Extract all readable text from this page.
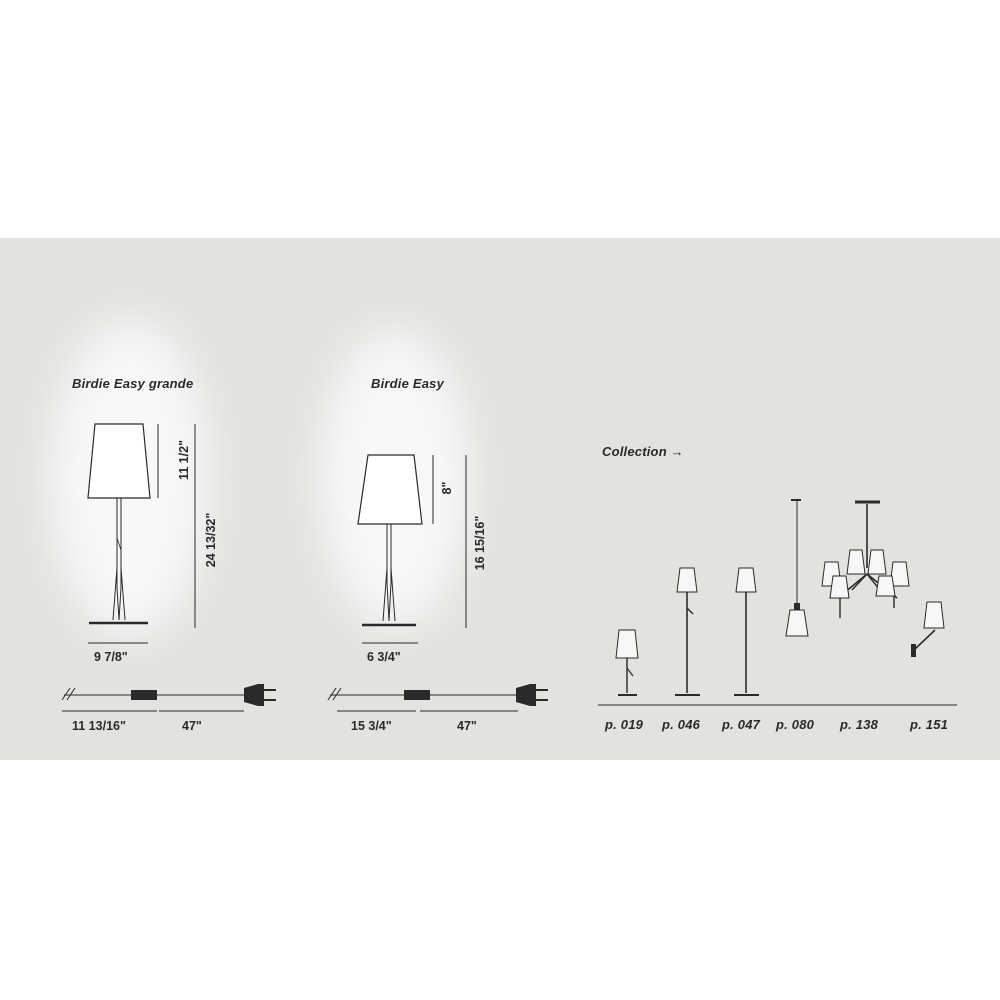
Birdie Easy grande
11 1/2"
24 13/32"
9 7/8"
11 13/16"	47"
Birdie Easy
8"
16 15/16"
6 3/4"
15 3/4"	47"
Collection →
p. 019 p. 046 p. 047 p. 080 p. 138 p. 151
